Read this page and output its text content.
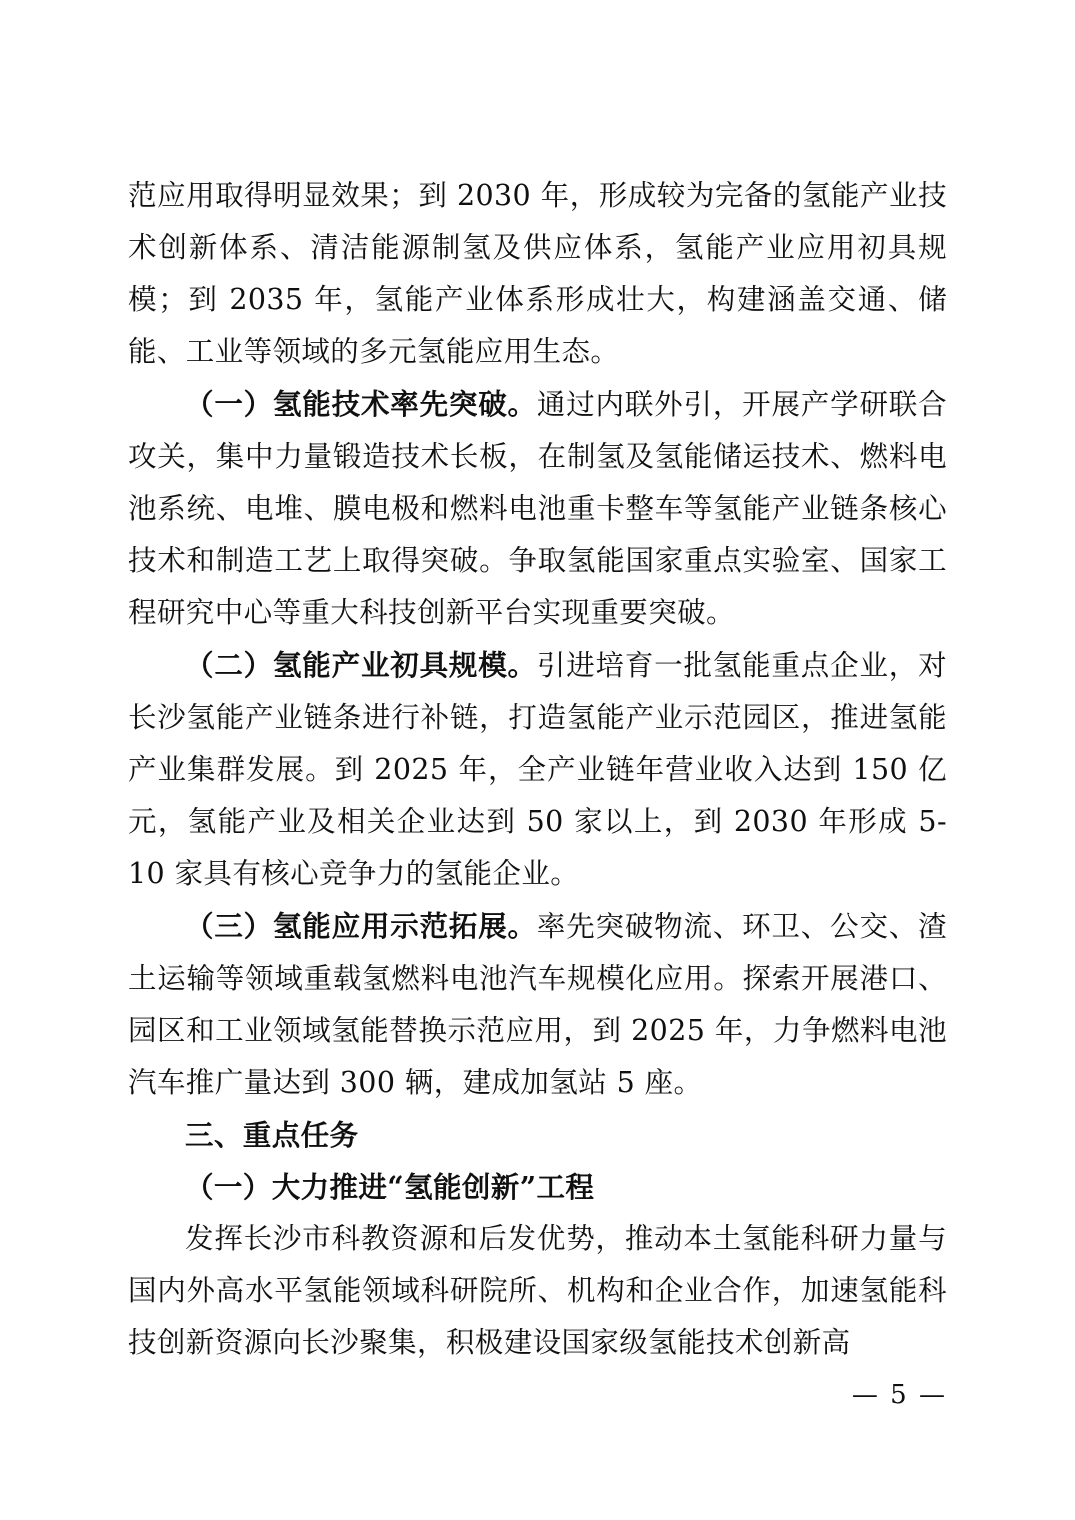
范应用取得明显效果；到 2030 年，形成较为完备的氢能产业技术创新体系、清洁能源制氢及供应体系，氢能产业应用初具规模；到 2035 年，氢能产业体系形成壮大，构建涵盖交通、储能、工业等领域的多元氢能应用生态。

（一）氢能技术率先突破。通过内联外引，开展产学研联合攻关，集中力量锻造技术长板，在制氢及氢能储运技术、燃料电池系统、电堆、膜电极和燃料电池重卡整车等氢能产业链条核心技术和制造工艺上取得突破。争取氢能国家重点实验室、国家工程研究中心等重大科技创新平台实现重要突破。

（二）氢能产业初具规模。引进培育一批氢能重点企业，对长沙氢能产业链条进行补链，打造氢能产业示范园区，推进氢能产业集群发展。到 2025 年，全产业链年营业收入达到 150 亿元，氢能产业及相关企业达到 50 家以上，到 2030 年形成 5-10 家具有核心竞争力的氢能企业。

（三）氢能应用示范拓展。率先突破物流、环卫、公交、渣土运输等领域重载氢燃料电池汽车规模化应用。探索开展港口、园区和工业领域氢能替换示范应用，到 2025 年，力争燃料电池汽车推广量达到 300 辆，建成加氢站 5 座。

三、重点任务

（一）大力推进“氢能创新”工程

发挥长沙市科教资源和后发优势，推动本土氢能科研力量与国内外高水平氢能领域科研院所、机构和企业合作，加速氢能科技创新资源向长沙聚集，积极建设国家级氢能技术创新高

— 5 —
